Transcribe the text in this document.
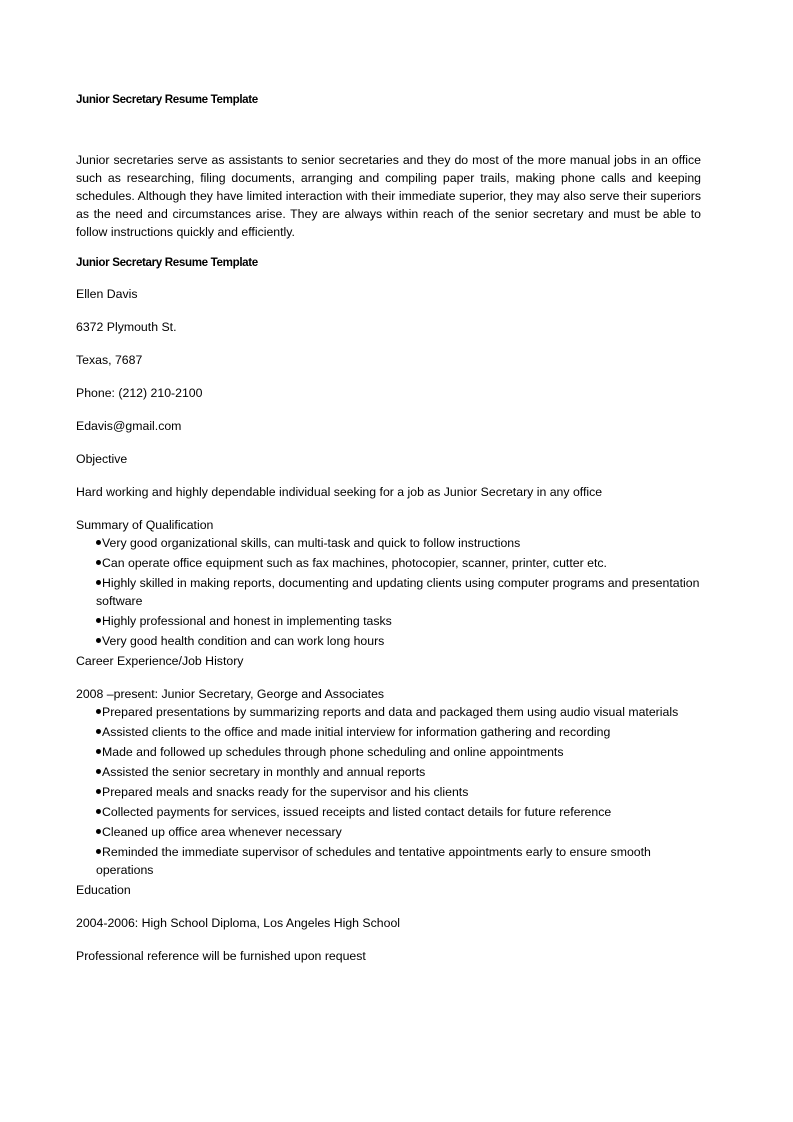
Junior Secretary Resume Template

Junior secretaries serve as assistants to senior secretaries and they do most of the more manual jobs in an office such as researching, filing documents, arranging and compiling paper trails, making phone calls and keeping schedules. Although they have limited interaction with their immediate superior, they may also serve their superiors as the need and circumstances arise. They are always within reach of the senior secretary and must be able to follow instructions quickly and efficiently.

Junior Secretary Resume Template

Ellen Davis

6372 Plymouth St.

Texas, 7687

Phone: (212) 210-2100

Edavis@gmail.com

Objective

Hard working and highly dependable individual seeking for a job as Junior Secretary in any office

Summary of Qualification

Very good organizational skills, can multi-task and quick to follow instructions
Can operate office equipment such as fax machines, photocopier, scanner, printer, cutter etc.
Highly skilled in making reports, documenting and updating clients using computer programs and presentation software
Highly professional and honest in implementing tasks
Very good health condition and can work long hours

Career Experience/Job History

2008 –present: Junior Secretary, George and Associates

Prepared presentations by summarizing reports and data and packaged them using audio visual materials
Assisted clients to the office and made initial interview for information gathering and recording
Made and followed up schedules through phone scheduling and online appointments
Assisted the senior secretary in monthly and annual reports
Prepared meals and snacks ready for the supervisor and his clients
Collected payments for services, issued receipts and listed contact details for future reference
Cleaned up office area whenever necessary
Reminded the immediate supervisor of schedules and tentative appointments early to ensure smooth operations

Education

2004-2006: High School Diploma, Los Angeles High School

Professional reference will be furnished upon request
